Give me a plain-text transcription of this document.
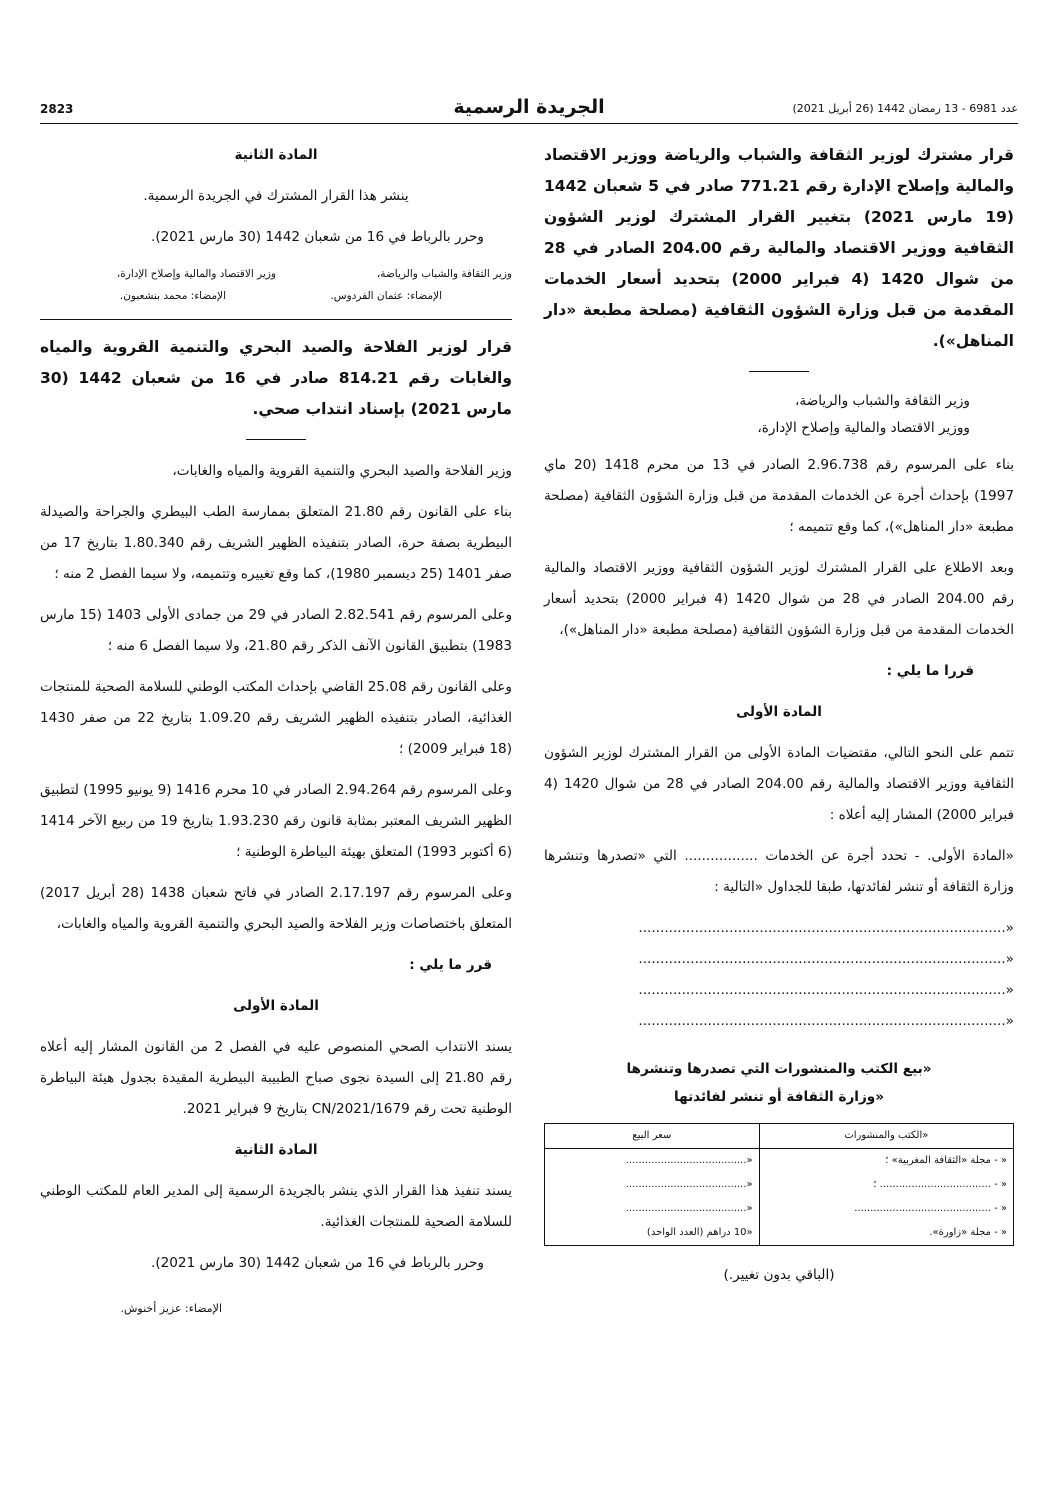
عدد 6981 - 13 رمضان 1442 (26 أبريل 2021)
الجريدة الرسمية
2823
قرار مشترك لوزير الثقافة والشباب والرياضة ووزير الاقتصاد والمالية وإصلاح الإدارة رقم 771.21 صادر في 5 شعبان 1442 (19 مارس 2021) بتغيير القرار المشترك لوزير الشؤون الثقافية ووزير الاقتصاد والمالية رقم 204.00 الصادر في 28 من شوال 1420 (4 فبراير 2000) بتحديد أسعار الخدمات المقدمة من قبل وزارة الشؤون الثقافية (مصلحة مطبعة «دار المناهل»).
وزير الثقافة والشباب والرياضة،
ووزير الاقتصاد والمالية وإصلاح الإدارة،

بناء على المرسوم رقم 2.96.738 الصادر في 13 من محرم 1418 (20 ماي 1997) بإحداث أجرة عن الخدمات المقدمة من قبل وزارة الشؤون الثقافية (مصلحة مطبعة «دار المناهل»)، كما وقع تتميمه ؛

وبعد الاطلاع على القرار المشترك لوزير الشؤون الثقافية ووزير الاقتصاد والمالية رقم 204.00 الصادر في 28 من شوال 1420 (4 فبراير 2000) بتحديد أسعار الخدمات المقدمة من قبل وزارة الشؤون الثقافية (مصلحة مطبعة «دار المناهل»)،

قررا ما يلي :

المادة الأولى

تتمم على النحو التالي، مقتضيات المادة الأولى من القرار المشترك لوزير الشؤون الثقافية ووزير الاقتصاد والمالية رقم 204.00 الصادر في 28 من شوال 1420 (4 فبراير 2000) المشار إليه أعلاه :

«المادة الأولى. - تحدد أجرة عن الخدمات ................. التي «تصدرها وتنشرها وزارة الثقافة أو تنشر لفائدتها، طبقا للجداول «التالية :

«.....................................................................................
«.....................................................................................
«.....................................................................................
«.....................................................................................
«بيع الكتب والمنشورات التي تصدرها وتنشرها
«وزارة الثقافة أو تنشر لفائدتها
«الكتب والمنشورات	سعر البيع
« - مجلة «الثقافة المغربية» ؛	«......................................
« - ................................... ؛	«......................................
« - ...........................................	«......................................
« - مجلة «زاورة».	«10 دراهم (العدد الواحد)
(الباقي بدون تغيير.)

المادة الثانية

ينشر هذا القرار المشترك في الجريدة الرسمية.

وحرر بالرباط في 16 من شعبان 1442 (30 مارس 2021).

وزير الثقافة والشباب والرياضة،
الإمضاء: عثمان الفردوس.
وزير الاقتصاد والمالية وإصلاح الإدارة،
الإمضاء: محمد بنشعبون.
قرار لوزير الفلاحة والصيد البحري والتنمية القروية والمياه والغابات رقم 814.21 صادر في 16 من شعبان 1442 (30 مارس 2021) بإسناد انتداب صحي.

وزير الفلاحة والصيد البحري والتنمية القروية والمياه والغابات،

بناء على القانون رقم 21.80 المتعلق بممارسة الطب البيطري والجراحة والصيدلة البيطرية بصفة حرة، الصادر بتنفيذه الظهير الشريف رقم 1.80.340 بتاريخ 17 من صفر 1401 (25 ديسمبر 1980)، كما وقع تغييره وتتميمه، ولا سيما الفصل 2 منه ؛

وعلى المرسوم رقم 2.82.541 الصادر في 29 من جمادى الأولى 1403 (15 مارس 1983) بتطبيق القانون الآنف الذكر رقم 21.80، ولا سيما الفصل 6 منه ؛

وعلى القانون رقم 25.08 القاضي بإحداث المكتب الوطني للسلامة الصحية للمنتجات الغذائية، الصادر بتنفيذه الظهير الشريف رقم 1.09.20 بتاريخ 22 من صفر 1430 (18 فبراير 2009) ؛

وعلى المرسوم رقم 2.94.264 الصادر في 10 محرم 1416 (9 يونيو 1995) لتطبيق الظهير الشريف المعتبر بمثابة قانون رقم 1.93.230 بتاريخ 19 من ربيع الآخر 1414 (6 أكتوبر 1993) المتعلق بهيئة البياطرة الوطنية ؛

وعلى المرسوم رقم 2.17.197 الصادر في فاتح شعبان 1438 (28 أبريل 2017) المتعلق باختصاصات وزير الفلاحة والصيد البحري والتنمية القروية والمياه والغابات،

قرر ما يلي :

المادة الأولى

يسند الانتداب الصحي المنصوص عليه في الفصل 2 من القانون المشار إليه أعلاه رقم 21.80 إلى السيدة نجوى صباح الطبيبة البيطرية المقيدة بجدول هيئة البياطرة الوطنية تحت رقم 1679/CN/2021 بتاريخ 9 فبراير 2021.

المادة الثانية

يسند تنفيذ هذا القرار الذي ينشر بالجريدة الرسمية إلى المدير العام للمكتب الوطني للسلامة الصحية للمنتجات الغذائية.

وحرر بالرباط في 16 من شعبان 1442 (30 مارس 2021).

الإمضاء: عزيز أخنوش.
